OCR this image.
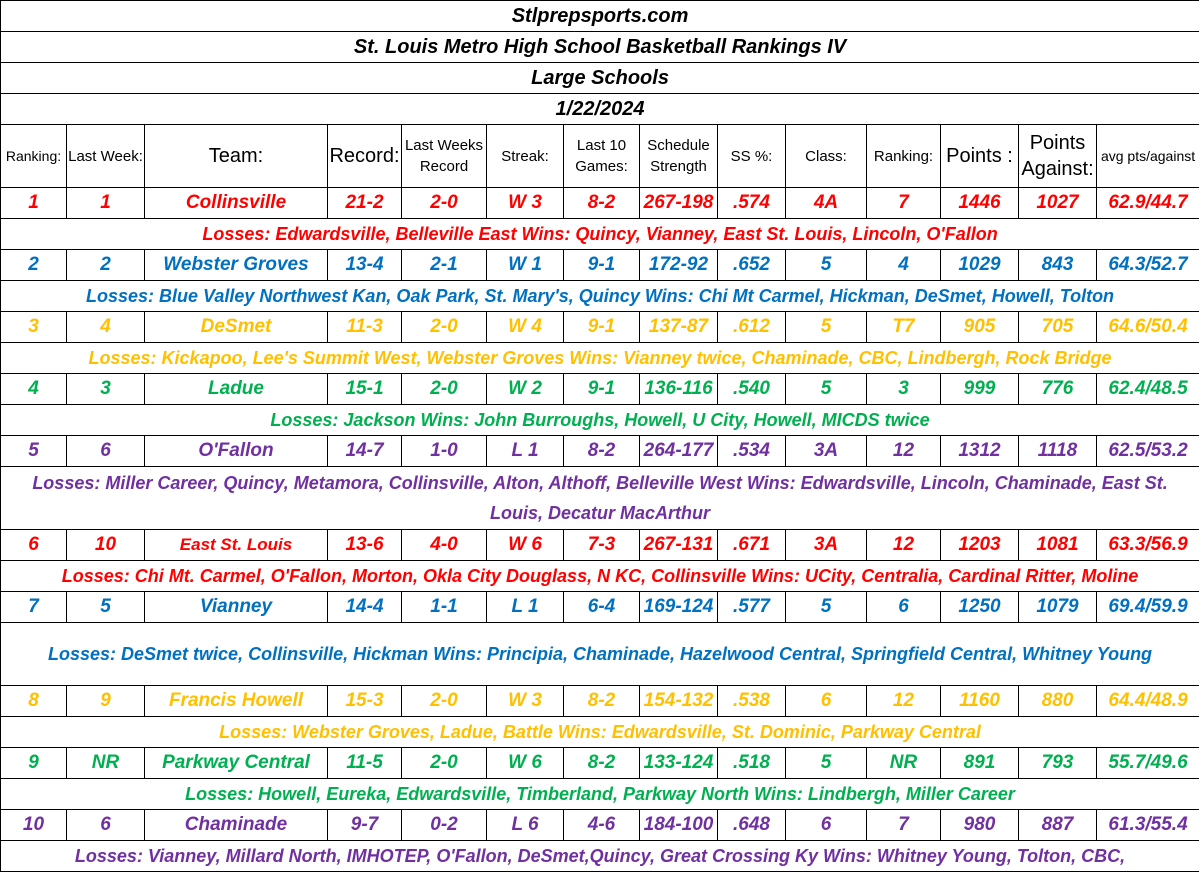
Stlprepsports.com													
St. Louis Metro High School Basketball Rankings IV													
Large Schools													
1/22/2024													
Ranking:	Last Week:	Team:	Record:	Last Weeks Record	Streak:	Last 10 Games:	Schedule Strength	SS %:	Class:	Ranking:	Points :	Points Against:	avg pts/against
1	1	Collinsville	21-2	2-0	W 3	8-2	267-198	.574	4A	7	1446	1027	62.9/44.7
Losses: Edwardsville, Belleville East Wins: Quincy, Vianney, East St. Louis, Lincoln, O'Fallon													
2	2	Webster Groves	13-4	2-1	W 1	9-1	172-92	.652	5	4	1029	843	64.3/52.7
Losses: Blue Valley Northwest Kan, Oak Park, St. Mary's, Quincy Wins: Chi Mt Carmel, Hickman, DeSmet, Howell, Tolton													
3	4	DeSmet	11-3	2-0	W 4	9-1	137-87	.612	5	T7	905	705	64.6/50.4
Losses: Kickapoo, Lee's Summit West, Webster Groves Wins: Vianney twice, Chaminade, CBC, Lindbergh, Rock Bridge													
4	3	Ladue	15-1	2-0	W 2	9-1	136-116	.540	5	3	999	776	62.4/48.5
Losses: Jackson Wins: John Burroughs, Howell, U City, Howell, MICDS twice													
5	6	O'Fallon	14-7	1-0	L 1	8-2	264-177	.534	3A	12	1312	1118	62.5/53.2
Losses: Miller Career, Quincy, Metamora, Collinsville, Alton, Althoff, Belleville West Wins: Edwardsville, Lincoln, Chaminade, East St. Louis, Decatur MacArthur													
6	10	East St. Louis	13-6	4-0	W 6	7-3	267-131	.671	3A	12	1203	1081	63.3/56.9
Losses: Chi Mt. Carmel, O'Fallon, Morton, Okla City Douglass, N KC, Collinsville Wins: UCity, Centralia, Cardinal Ritter, Moline													
7	5	Vianney	14-4	1-1	L 1	6-4	169-124	.577	5	6	1250	1079	69.4/59.9
Losses: DeSmet twice, Collinsville, Hickman Wins: Principia, Chaminade, Hazelwood Central, Springfield Central, Whitney Young													
8	9	Francis Howell	15-3	2-0	W 3	8-2	154-132	.538	6	12	1160	880	64.4/48.9
Losses: Webster Groves, Ladue, Battle Wins: Edwardsville, St. Dominic, Parkway Central													
9	NR	Parkway Central	11-5	2-0	W 6	8-2	133-124	.518	5	NR	891	793	55.7/49.6
Losses: Howell, Eureka, Edwardsville, Timberland, Parkway North Wins: Lindbergh, Miller Career													
10	6	Chaminade	9-7	0-2	L 6	4-6	184-100	.648	6	7	980	887	61.3/55.4
Losses: Vianney, Millard North, IMHOTEP, O'Fallon, DeSmet,Quincy, Great Crossing Ky Wins: Whitney Young, Tolton, CBC,													
